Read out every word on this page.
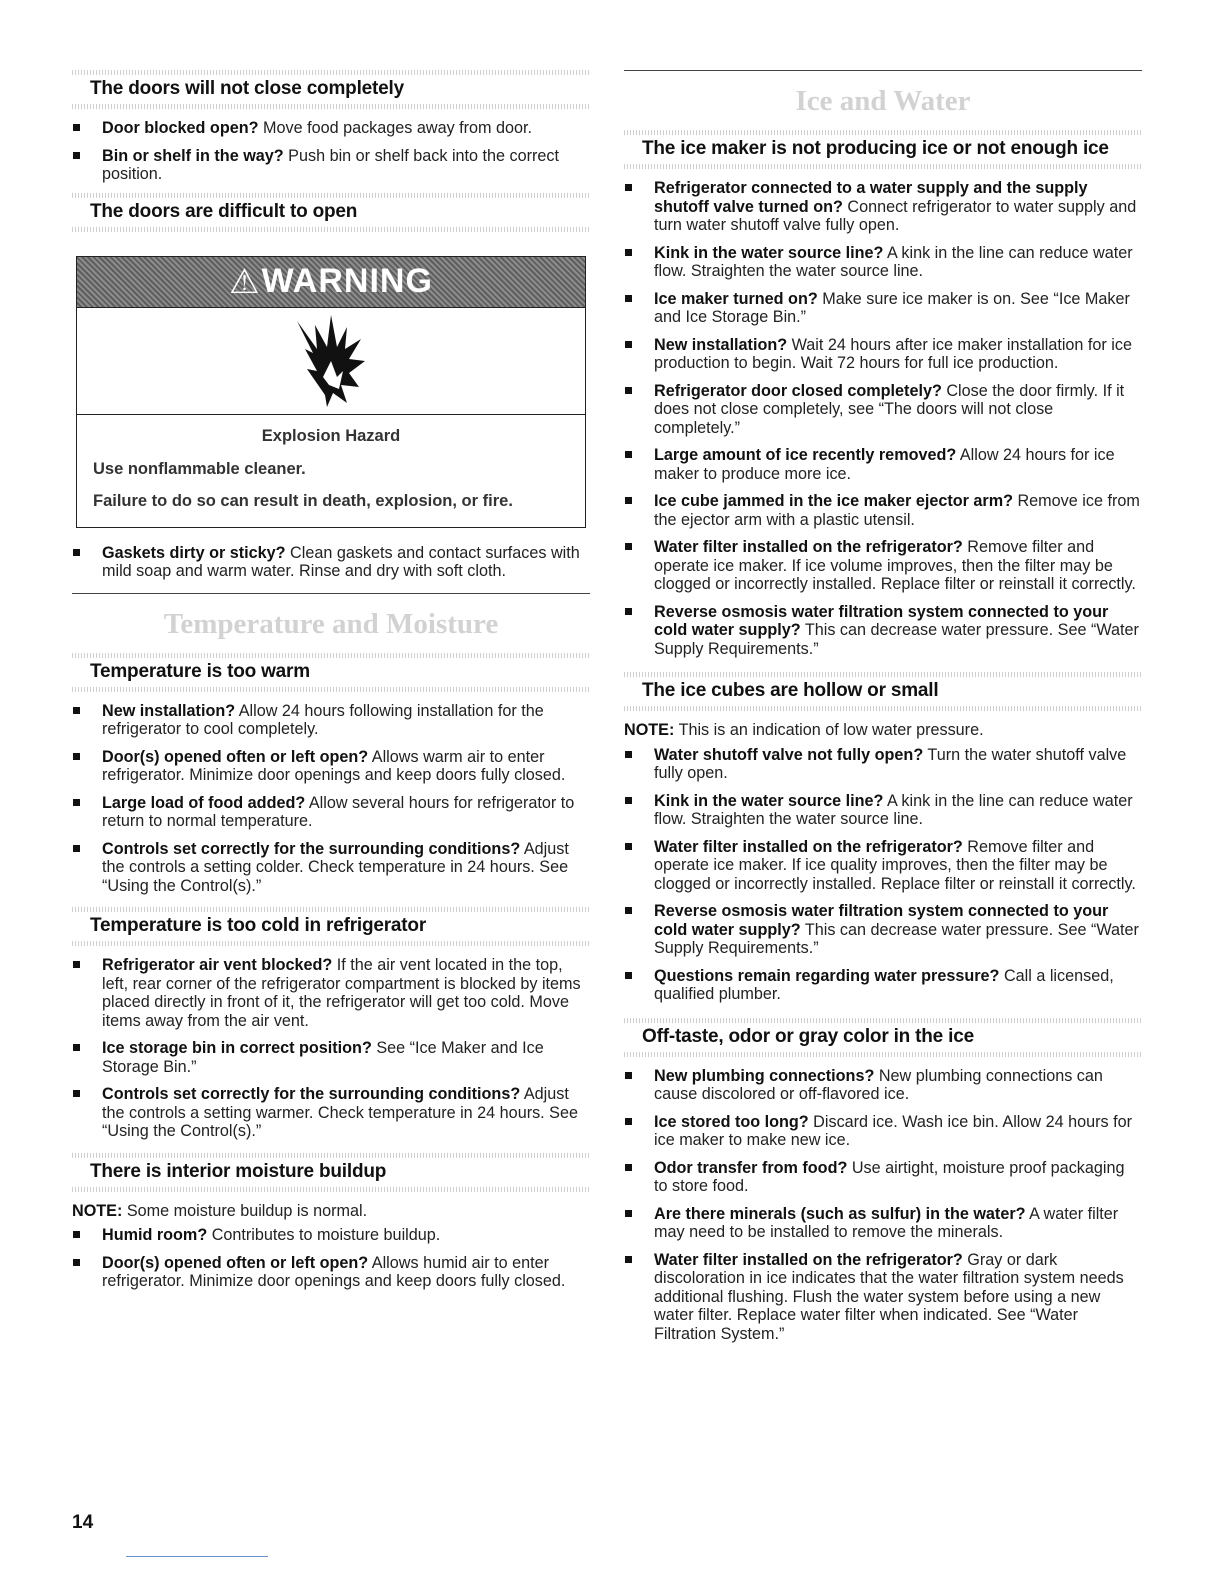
The doors will not close completely
Door blocked open? Move food packages away from door.
Bin or shelf in the way? Push bin or shelf back into the correct position.
The doors are difficult to open
⚠ WARNING

Explosion Hazard

Use nonflammable cleaner.

Failure to do so can result in death, explosion, or fire.

Gaskets dirty or sticky? Clean gaskets and contact surfaces with mild soap and warm water. Rinse and dry with soft cloth.
Temperature and Moisture
Temperature is too warm
New installation? Allow 24 hours following installation for the refrigerator to cool completely.
Door(s) opened often or left open? Allows warm air to enter refrigerator. Minimize door openings and keep doors fully closed.
Large load of food added? Allow several hours for refrigerator to return to normal temperature.
Controls set correctly for the surrounding conditions? Adjust the controls a setting colder. Check temperature in 24 hours. See “Using the Control(s).”
Temperature is too cold in refrigerator
Refrigerator air vent blocked? If the air vent located in the top, left, rear corner of the refrigerator compartment is blocked by items placed directly in front of it, the refrigerator will get too cold. Move items away from the air vent.
Ice storage bin in correct position? See “Ice Maker and Ice Storage Bin.”
Controls set correctly for the surrounding conditions? Adjust the controls a setting warmer. Check temperature in 24 hours. See “Using the Control(s).”
There is interior moisture buildup

NOTE: Some moisture buildup is normal.

Humid room? Contributes to moisture buildup.
Door(s) opened often or left open? Allows humid air to enter refrigerator. Minimize door openings and keep doors fully closed.
Ice and Water
The ice maker is not producing ice or not enough ice
Refrigerator connected to a water supply and the supply shutoff valve turned on? Connect refrigerator to water supply and turn water shutoff valve fully open.
Kink in the water source line? A kink in the line can reduce water flow. Straighten the water source line.
Ice maker turned on? Make sure ice maker is on. See “Ice Maker and Ice Storage Bin.”
New installation? Wait 24 hours after ice maker installation for ice production to begin. Wait 72 hours for full ice production.
Refrigerator door closed completely? Close the door firmly. If it does not close completely, see “The doors will not close completely.”
Large amount of ice recently removed? Allow 24 hours for ice maker to produce more ice.
Ice cube jammed in the ice maker ejector arm? Remove ice from the ejector arm with a plastic utensil.
Water filter installed on the refrigerator? Remove filter and operate ice maker. If ice volume improves, then the filter may be clogged or incorrectly installed. Replace filter or reinstall it correctly.
Reverse osmosis water filtration system connected to your cold water supply? This can decrease water pressure. See “Water Supply Requirements.”
The ice cubes are hollow or small

NOTE: This is an indication of low water pressure.

Water shutoff valve not fully open? Turn the water shutoff valve fully open.
Kink in the water source line? A kink in the line can reduce water flow. Straighten the water source line.
Water filter installed on the refrigerator? Remove filter and operate ice maker. If ice quality improves, then the filter may be clogged or incorrectly installed. Replace filter or reinstall it correctly.
Reverse osmosis water filtration system connected to your cold water supply? This can decrease water pressure. See “Water Supply Requirements.”
Questions remain regarding water pressure? Call a licensed, qualified plumber.
Off-taste, odor or gray color in the ice
New plumbing connections? New plumbing connections can cause discolored or off-flavored ice.
Ice stored too long? Discard ice. Wash ice bin. Allow 24 hours for ice maker to make new ice.
Odor transfer from food? Use airtight, moisture proof packaging to store food.
Are there minerals (such as sulfur) in the water? A water filter may need to be installed to remove the minerals.
Water filter installed on the refrigerator? Gray or dark discoloration in ice indicates that the water filtration system needs additional flushing. Flush the water system before using a new water filter. Replace water filter when indicated. See “Water Filtration System.”
14
